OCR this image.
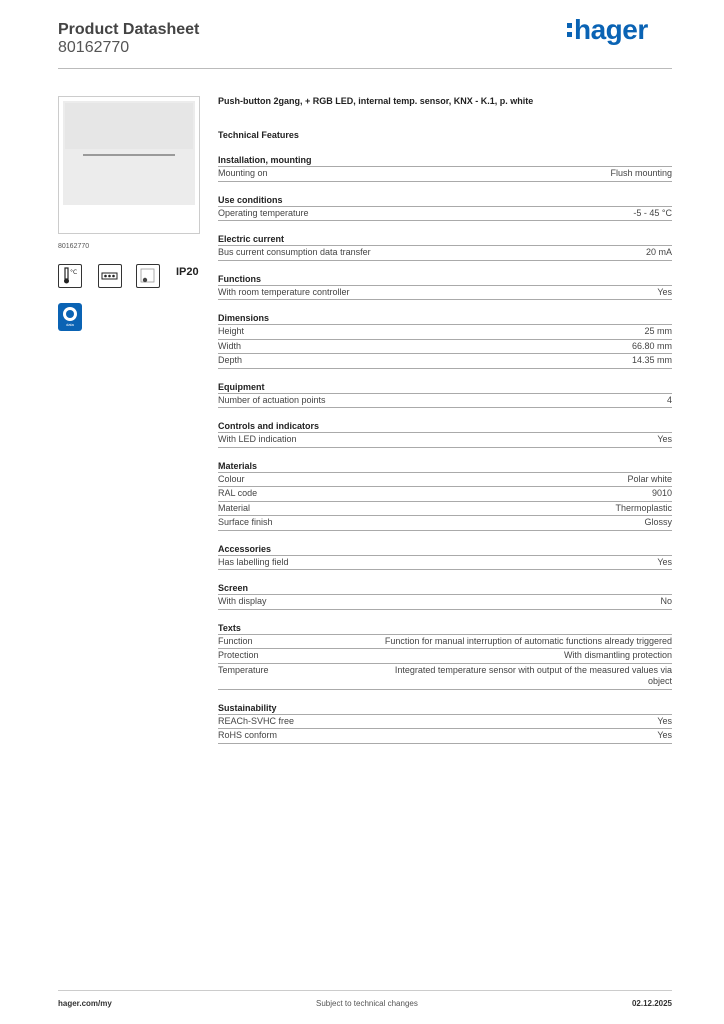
Product Datasheet
80162770
hager
80162770
°C	IP20
data
Push-button 2gang, + RGB LED, internal temp. sensor, KNX - K.1, p. white
Technical Features
Installation, mounting
Mounting on	Flush mounting
Use conditions
Operating temperature	-5 - 45 °C
Electric current
Bus current consumption data transfer	20 mA
Functions
With room temperature controller	Yes
Dimensions
Height	25 mm
Width	66.80 mm
Depth	14.35 mm
Equipment
Number of actuation points	4
Controls and indicators
With LED indication	Yes
Materials
Colour	Polar white
RAL code	9010
Material	Thermoplastic
Surface finish	Glossy
Accessories
Has labelling field	Yes
Screen
With display	No
Texts
Function	Function for manual interruption of automatic functions already triggered
Protection	With dismantling protection
Temperature	Integrated temperature sensor with output of the measured values via object
Sustainability
REACh-SVHC free	Yes
RoHS conform	Yes
hager.com/my	Subject to technical changes	02.12.2025
